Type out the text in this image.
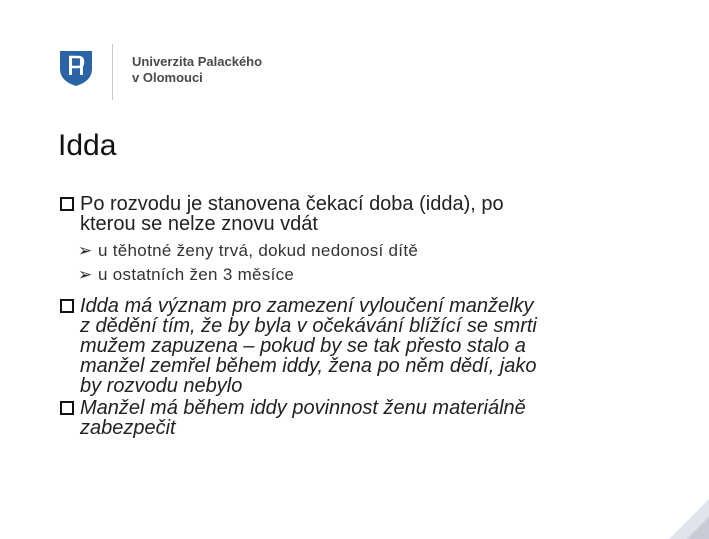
Univerzita Palackého
v Olomouci
Idda
Po rozvodu je stanovena čekací doba (idda), po
kterou se nelze znovu vdát
➢ u těhotné ženy trvá, dokud nedonosí dítě
➢ u ostatních žen 3 měsíce
Idda má význam pro zamezení vyloučení manželky
z dědění tím, že by byla v očekávání blížící se smrti
mužem zapuzena – pokud by se tak přesto stalo a
manžel zemřel během iddy, žena po něm dědí, jako
by rozvodu nebylo
Manžel má během iddy povinnost ženu materiálně
zabezpečit
